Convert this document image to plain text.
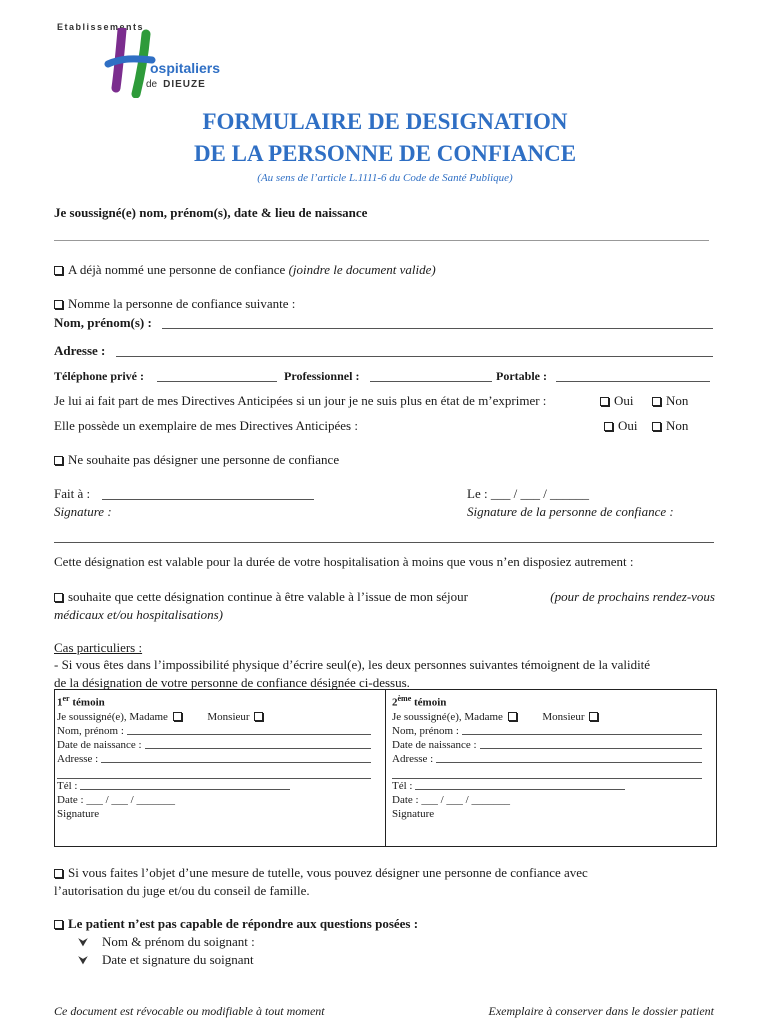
Etablissements
ospitaliers
de DIEUZE
FORMULAIRE DE DESIGNATION
DE LA PERSONNE DE CONFIANCE
(Au sens de l’article L.1111-6 du Code de Santé Publique)
Je soussigné(e) nom, prénom(s), date & lieu de naissance
A déjà nommé une personne de confiance (joindre le document valide)
Nomme la personne de confiance suivante :
Nom, prénom(s) :
Adresse :
Téléphone privé :	Professionnel :	Portable :
Je lui ai fait part de mes Directives Anticipées si un jour je ne suis plus en état de m’exprimer :	Oui	Non
Elle possède un exemplaire de mes Directives Anticipées :	Oui	Non
Ne souhaite pas désigner une personne de confiance
Fait à :	Le : ___ / ___ / ______
Signature :	Signature de la personne de confiance :
Cette désignation est valable pour la durée de votre hospitalisation à moins que vous n’en disposiez autrement :
souhaite que cette désignation continue à être valable à l’issue de mon séjour	(pour de prochains rendez-vous
médicaux et/ou hospitalisations)
Cas particuliers :
- Si vous êtes dans l’impossibilité physique d’écrire seul(e), les deux personnes suivantes témoignent de la validité
de la désignation de votre personne de confiance désignée ci-dessus.
1er témoin
Je soussigné(e), Madame	Monsieur
Nom, prénom :
Date de naissance :
Adresse :
Tél :
Date : ___ / ___ / _______
Signature

2ème témoin
Je soussigné(e), Madame	Monsieur
Nom, prénom :
Date de naissance :
Adresse :
Tél :
Date : ___ / ___ / _______
Signature
Si vous faites l’objet d’une mesure de tutelle, vous pouvez désigner une personne de confiance avec
l’autorisation du juge et/ou du conseil de famille.
Le patient n’est pas capable de répondre aux questions posées :
⮟ Nom & prénom du soignant :
⮟ Date et signature du soignant
Ce document est révocable ou modifiable à tout moment	Exemplaire à conserver dans le dossier patient
